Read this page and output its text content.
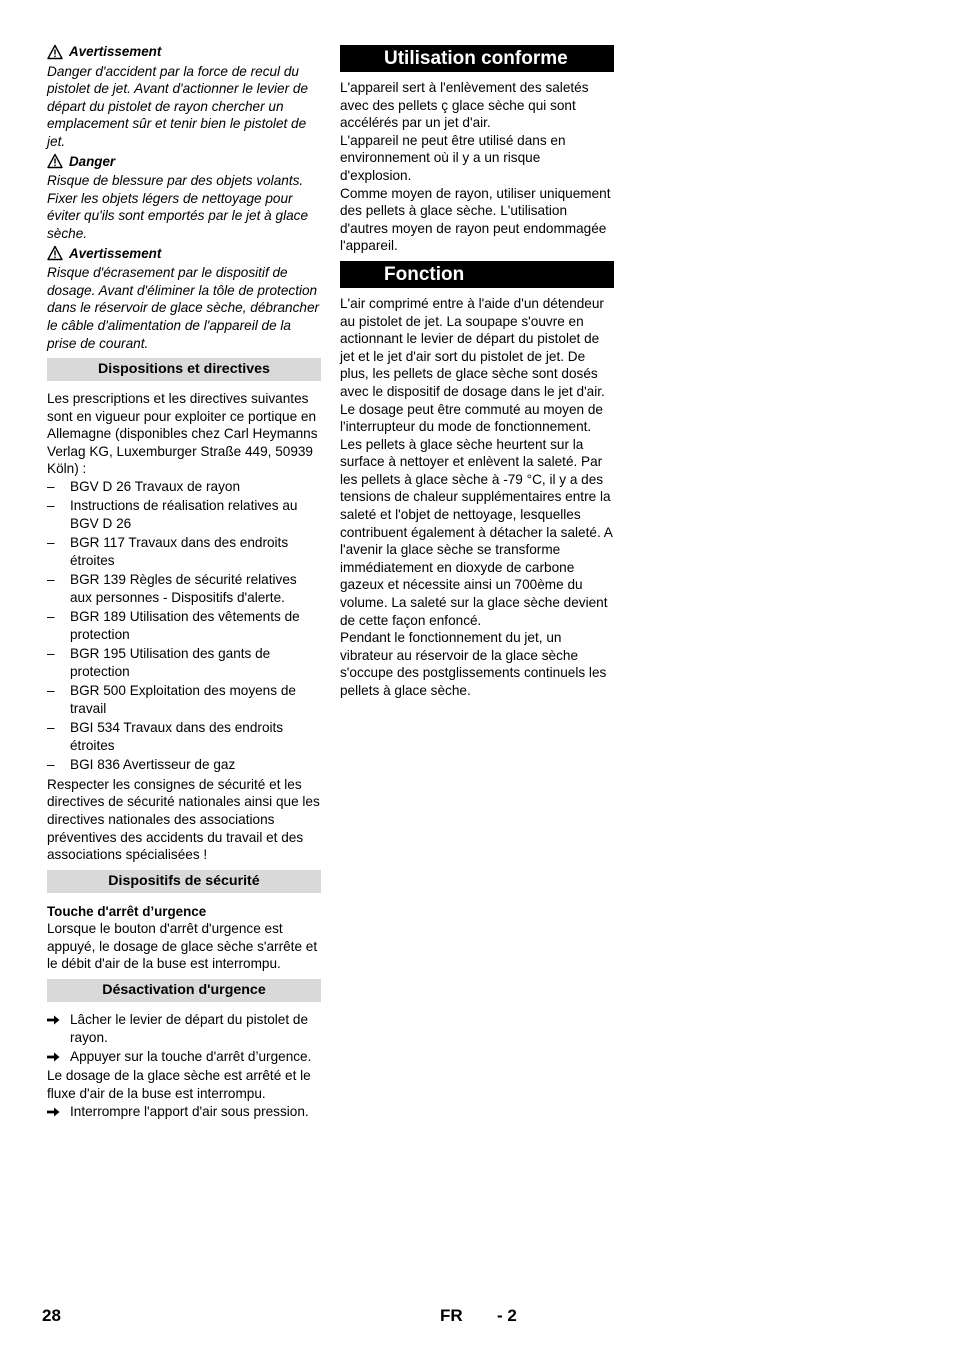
Avertissement

Danger d'accident par la force de recul du pistolet de jet. Avant d'actionner le levier de départ du pistolet de rayon chercher un emplacement sûr et tenir bien le pistolet de jet.

Danger

Risque de blessure par des objets volants. Fixer les objets légers de nettoyage pour éviter qu'ils sont emportés par le jet à glace sèche.

Avertissement

Risque d'écrasement par le dispositif de dosage. Avant d'éliminer la tôle de protection dans le réservoir de glace sèche, débrancher le câble d'alimentation de l'appareil de la prise de courant.

Dispositions et directives

Les prescriptions et les directives suivantes sont en vigueur pour exploiter ce portique en Allemagne (disponibles chez Carl Heymanns Verlag KG, Luxemburger Straße 449, 50939 Köln) :

– BGV D 26 Travaux de rayon
– Instructions de réalisation relatives au BGV D 26
– BGR 117 Travaux dans des endroits étroites
– BGR 139 Règles de sécurité relatives aux personnes - Dispositifs d'alerte.
– BGR 189 Utilisation des vêtements de protection
– BGR 195 Utilisation des gants de protection
– BGR 500 Exploitation des moyens de travail
– BGI 534 Travaux dans des endroits étroites
– BGI 836 Avertisseur de gaz

Respecter les consignes de sécurité et les directives de sécurité nationales ainsi que les directives nationales des associations préventives des accidents du travail et des associations spécialisées !

Dispositifs de sécurité
Touche d'arrêt d’urgence

Lorsque le bouton d'arrêt d'urgence est appuyé, le dosage de glace sèche s'arrête et le débit d'air de la buse est interrompu.

Désactivation d'urgence
Lâcher le levier de départ du pistolet de rayon.
Appuyer sur la touche d'arrêt d’urgence.

Le dosage de la glace sèche est arrêté et le fluxe d'air de la buse est interrompu.

Interrompre l'apport d'air sous pression.
Utilisation conforme

L'appareil sert à l'enlèvement des saletés avec des pellets ç glace sèche qui sont accélérés par un jet d'air.

L'appareil ne peut être utilisé dans en environnement où il y a un risque d'explosion.

Comme moyen de rayon, utiliser uniquement des pellets à glace sèche. L'utilisation d'autres moyen de rayon peut endommagée l'appareil.

Fonction

L'air comprimé entre à l'aide d'un détendeur au pistolet de jet. La soupape s'ouvre en actionnant le levier de départ du pistolet de jet et le jet d'air sort du pistolet de jet. De plus, les pellets de glace sèche sont dosés avec le dispositif de dosage dans le jet d'air. Le dosage peut être commuté au moyen de l'interrupteur du mode de fonctionnement. Les pellets à glace sèche heurtent sur la surface à nettoyer et enlèvent la saleté. Par les pellets à glace sèche à -79 °C, il y a des tensions de chaleur supplémentaires entre la saleté et l'objet de nettoyage, lesquelles contribuent également à détacher la saleté. A l'avenir la glace sèche se transforme immédiatement en dioxyde de carbone gazeux et nécessite ainsi un 700ème du volume. La saleté sur la glace sèche devient de cette façon enfoncé.

Pendant le fonctionnement du jet, un vibrateur au réservoir de la glace sèche s'occupe des postglissements continuels les pellets à glace sèche.

28	FR - 2
